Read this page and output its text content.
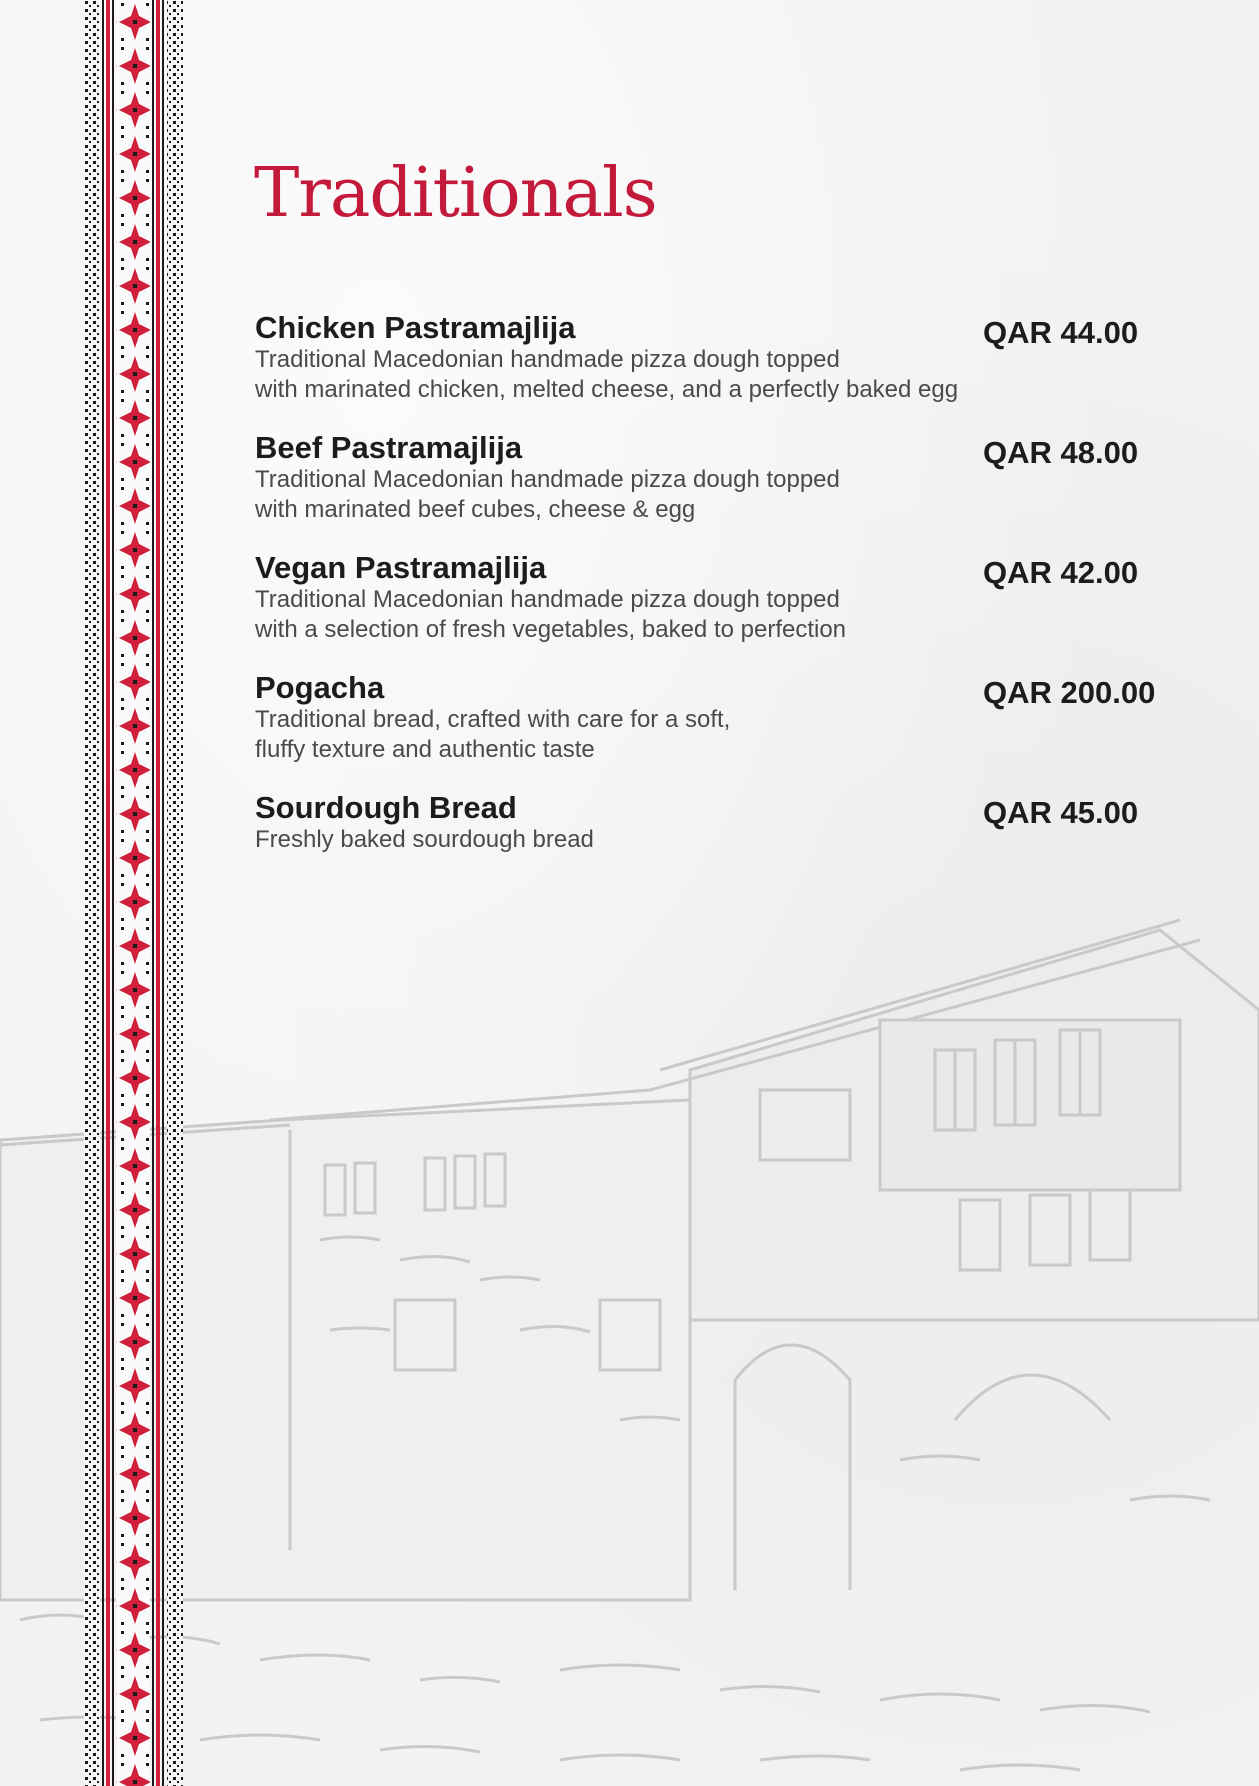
Traditionals

Chicken Pastramajlija

Traditional Macedonian handmade pizza dough topped
with marinated chicken, melted cheese, and a perfectly baked egg

QAR 44.00

Beef Pastramajlija

Traditional Macedonian handmade pizza dough topped
with marinated beef cubes, cheese & egg

QAR 48.00

Vegan Pastramajlija

Traditional Macedonian handmade pizza dough topped
with a selection of fresh vegetables, baked to perfection

QAR 42.00

Pogacha

Traditional bread, crafted with care for a soft,
fluffy texture and authentic taste

QAR 200.00

Sourdough Bread

Freshly baked sourdough bread

QAR 45.00
